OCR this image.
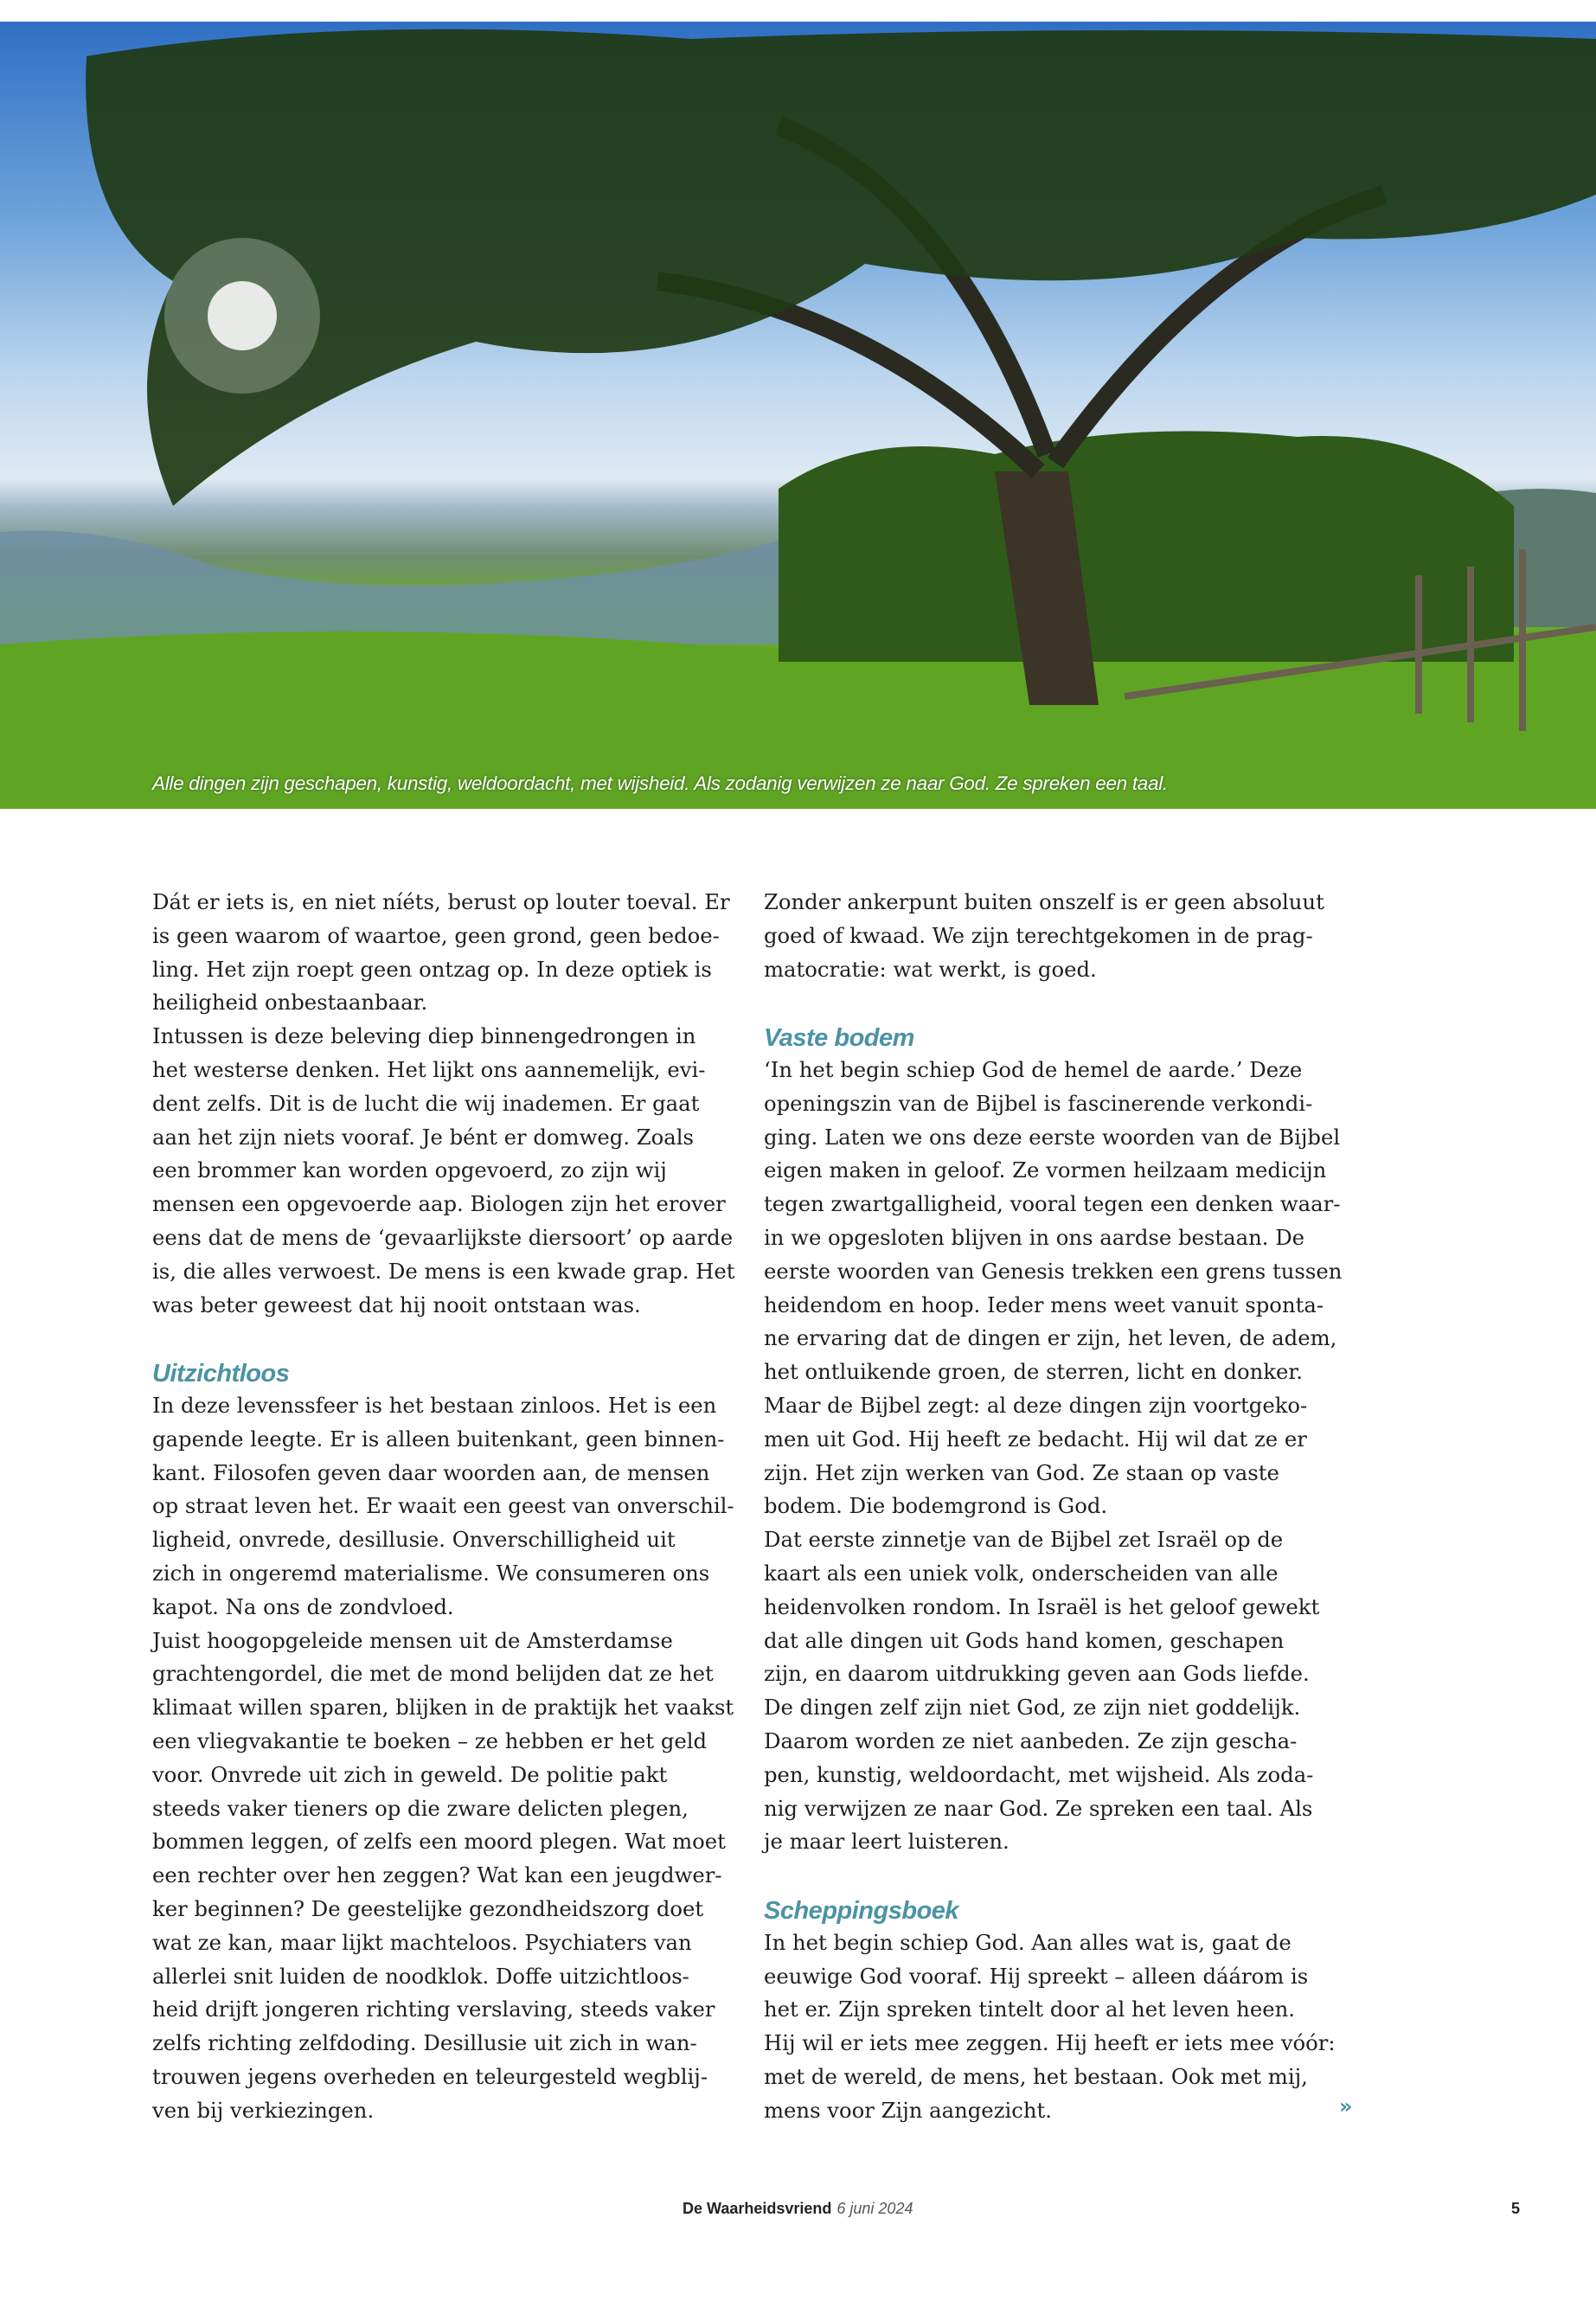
Alle dingen zijn geschapen, kunstig, weldoordacht, met wijsheid. Als zodanig verwijzen ze naar God. Ze spreken een taal.
Dát er iets is, en niet níéts, berust op louter toeval. Er
is geen waarom of waartoe, geen grond, geen bedoe-
ling. Het zijn roept geen ontzag op. In deze optiek is
heiligheid onbestaanbaar.
Intussen is deze beleving diep binnengedrongen in
het westerse denken. Het lijkt ons aannemelijk, evi-
dent zelfs. Dit is de lucht die wij inademen. Er gaat
aan het zijn niets vooraf. Je bént er domweg. Zoals
een brommer kan worden opgevoerd, zo zijn wij
mensen een opgevoerde aap. Biologen zijn het erover
eens dat de mens de ‘gevaarlijkste diersoort’ op aarde
is, die alles verwoest. De mens is een kwade grap. Het
was beter geweest dat hij nooit ontstaan was.
Uitzichtloos
In deze levenssfeer is het bestaan zinloos. Het is een
gapende leegte. Er is alleen buitenkant, geen binnen-
kant. Filosofen geven daar woorden aan, de mensen
op straat leven het. Er waait een geest van onverschil-
ligheid, onvrede, desillusie. Onverschilligheid uit
zich in ongeremd materialisme. We consumeren ons
kapot. Na ons de zondvloed.
Juist hoogopgeleide mensen uit de Amsterdamse
grachtengordel, die met de mond belijden dat ze het
klimaat willen sparen, blijken in de praktijk het vaakst
een vliegvakantie te boeken – ze hebben er het geld
voor. Onvrede uit zich in geweld. De politie pakt
steeds vaker tieners op die zware delicten plegen,
bommen leggen, of zelfs een moord plegen. Wat moet
een rechter over hen zeggen? Wat kan een jeugdwer-
ker beginnen? De geestelijke gezondheidszorg doet
wat ze kan, maar lijkt machteloos. Psychiaters van
allerlei snit luiden de noodklok. Doffe uitzichtloos-
heid drijft jongeren richting verslaving, steeds vaker
zelfs richting zelfdoding. Desillusie uit zich in wan-
trouwen jegens overheden en teleurgesteld wegblij-
ven bij verkiezingen.
Zonder ankerpunt buiten onszelf is er geen absoluut
goed of kwaad. We zijn terechtgekomen in de prag-
matocratie: wat werkt, is goed.
Vaste bodem
‘In het begin schiep God de hemel de aarde.’ Deze
openingszin van de Bijbel is fascinerende verkondi-
ging. Laten we ons deze eerste woorden van de Bijbel
eigen maken in geloof. Ze vormen heilzaam medicijn
tegen zwartgalligheid, vooral tegen een denken waar-
in we opgesloten blijven in ons aardse bestaan. De
eerste woorden van Genesis trekken een grens tussen
heidendom en hoop. Ieder mens weet vanuit sponta-
ne ervaring dat de dingen er zijn, het leven, de adem,
het ontluikende groen, de sterren, licht en donker.
Maar de Bijbel zegt: al deze dingen zijn voortgeko-
men uit God. Hij heeft ze bedacht. Hij wil dat ze er
zijn. Het zijn werken van God. Ze staan op vaste
bodem. Die bodemgrond is God.
Dat eerste zinnetje van de Bijbel zet Israël op de
kaart als een uniek volk, onderscheiden van alle
heidenvolken rondom. In Israël is het geloof gewekt
dat alle dingen uit Gods hand komen, geschapen
zijn, en daarom uitdrukking geven aan Gods liefde.
De dingen zelf zijn niet God, ze zijn niet goddelijk.
Daarom worden ze niet aanbeden. Ze zijn gescha-
pen, kunstig, weldoordacht, met wijsheid. Als zoda-
nig verwijzen ze naar God. Ze spreken een taal. Als
je maar leert luisteren.
Scheppingsboek
In het begin schiep God. Aan alles wat is, gaat de
eeuwige God vooraf. Hij spreekt – alleen dáárom is
het er. Zijn spreken tintelt door al het leven heen.
Hij wil er iets mee zeggen. Hij heeft er iets mee vóór:
met de wereld, de mens, het bestaan. Ook met mij,
mens voor Zijn aangezicht.	»
De Waarheidsvriend 6 juni 2024	5
